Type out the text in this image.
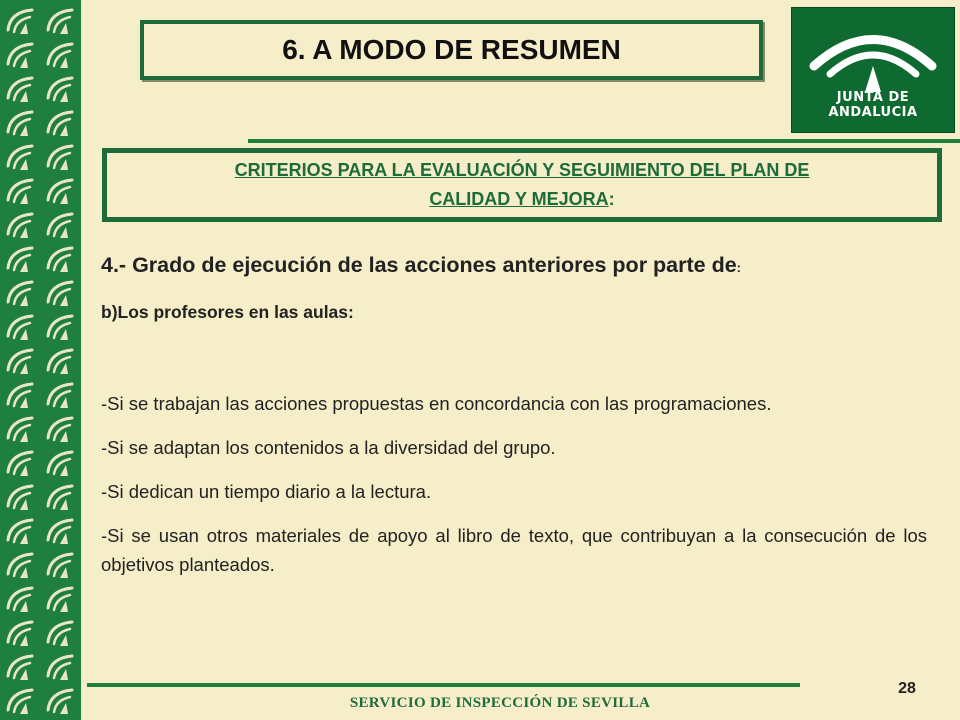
6. A MODO DE RESUMEN
JUNTA DE ANDALUCIA
CRITERIOS PARA LA EVALUACIÓN Y SEGUIMIENTO DEL PLAN DE
CALIDAD Y MEJORA:
4.- Grado de ejecución de las acciones anteriores por parte de:
b)Los profesores en las aulas:

-Si se trabajan las acciones propuestas en concordancia con las programaciones.

-Si se adaptan los contenidos a la diversidad del grupo.

-Si dedican un tiempo diario a la lectura.

-Si se usan otros materiales de apoyo al libro de texto, que contribuyan a la consecución de los objetivos planteados.

SERVICIO DE INSPECCIÓN DE SEVILLA
28
